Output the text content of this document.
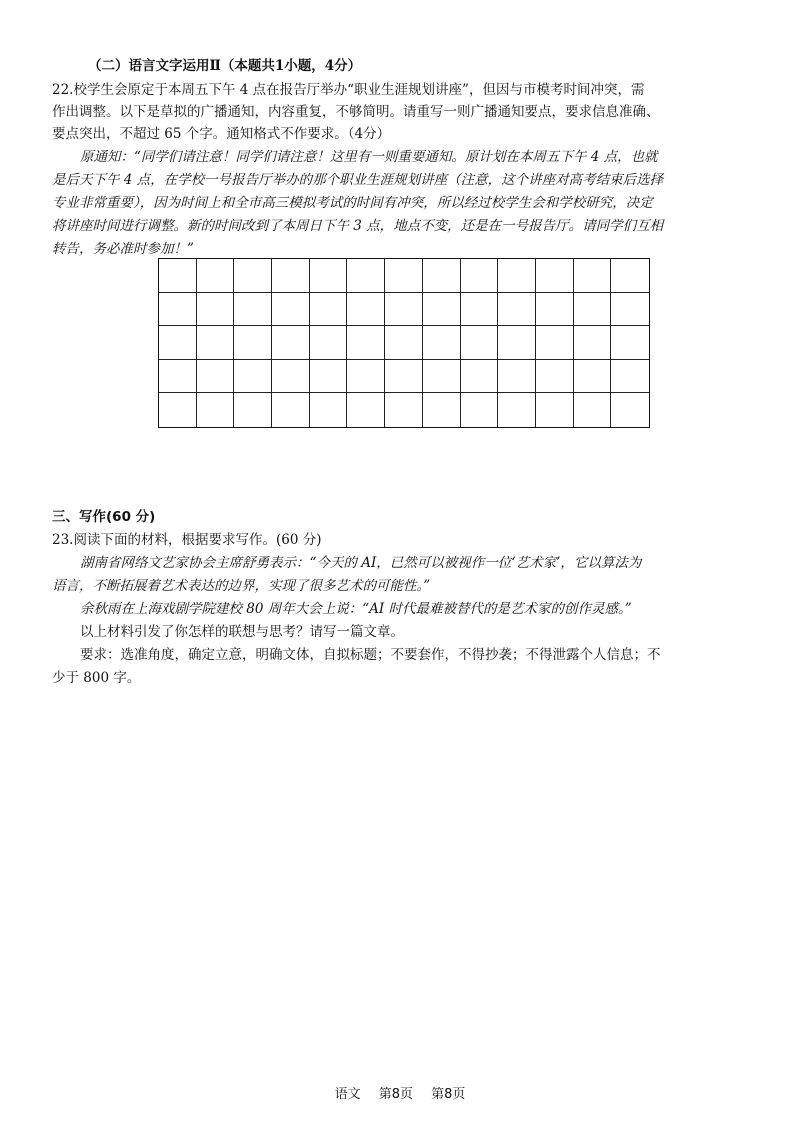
（二）语言文字运用Ⅱ（本题共1小题，4分）
22.校学生会原定于本周五下午 4 点在报告厅举办“职业生涯规划讲座”，但因与市模考时间冲突，需
作出调整。以下是草拟的广播通知，内容重复，不够简明。请重写一则广播通知要点，要求信息准确、
要点突出，不超过 65 个字。通知格式不作要求。（4分）
原通知：“同学们请注意！同学们请注意！这里有一则重要通知。原计划在本周五下午 4 点，也就
是后天下午 4 点，在学校一号报告厅举办的那个职业生涯规划讲座（注意，这个讲座对高考结束后选择
专业非常重要），因为时间上和全市高三模拟考试的时间有冲突，所以经过校学生会和学校研究，决定
将讲座时间进行调整。新的时间改到了本周日下午 3 点，地点不变，还是在一号报告厅。请同学们互相
转告，务必准时参加！”
三、写作(60 分)
23.阅读下面的材料，根据要求写作。(60 分)
湖南省网络文艺家协会主席舒勇表示：“今天的 AI，已然可以被视作一位‘艺术家’，它以算法为
语言，不断拓展着艺术表达的边界，实现了很多艺术的可能性。”
余秋雨在上海戏剧学院建校 80 周年大会上说：“AI 时代最难被替代的是艺术家的创作灵感。”
以上材料引发了你怎样的联想与思考？请写一篇文章。
要求：选准角度，确定立意，明确文体，自拟标题；不要套作，不得抄袭；不得泄露个人信息；不
少于 800 字。
语文 第8页 第8页
